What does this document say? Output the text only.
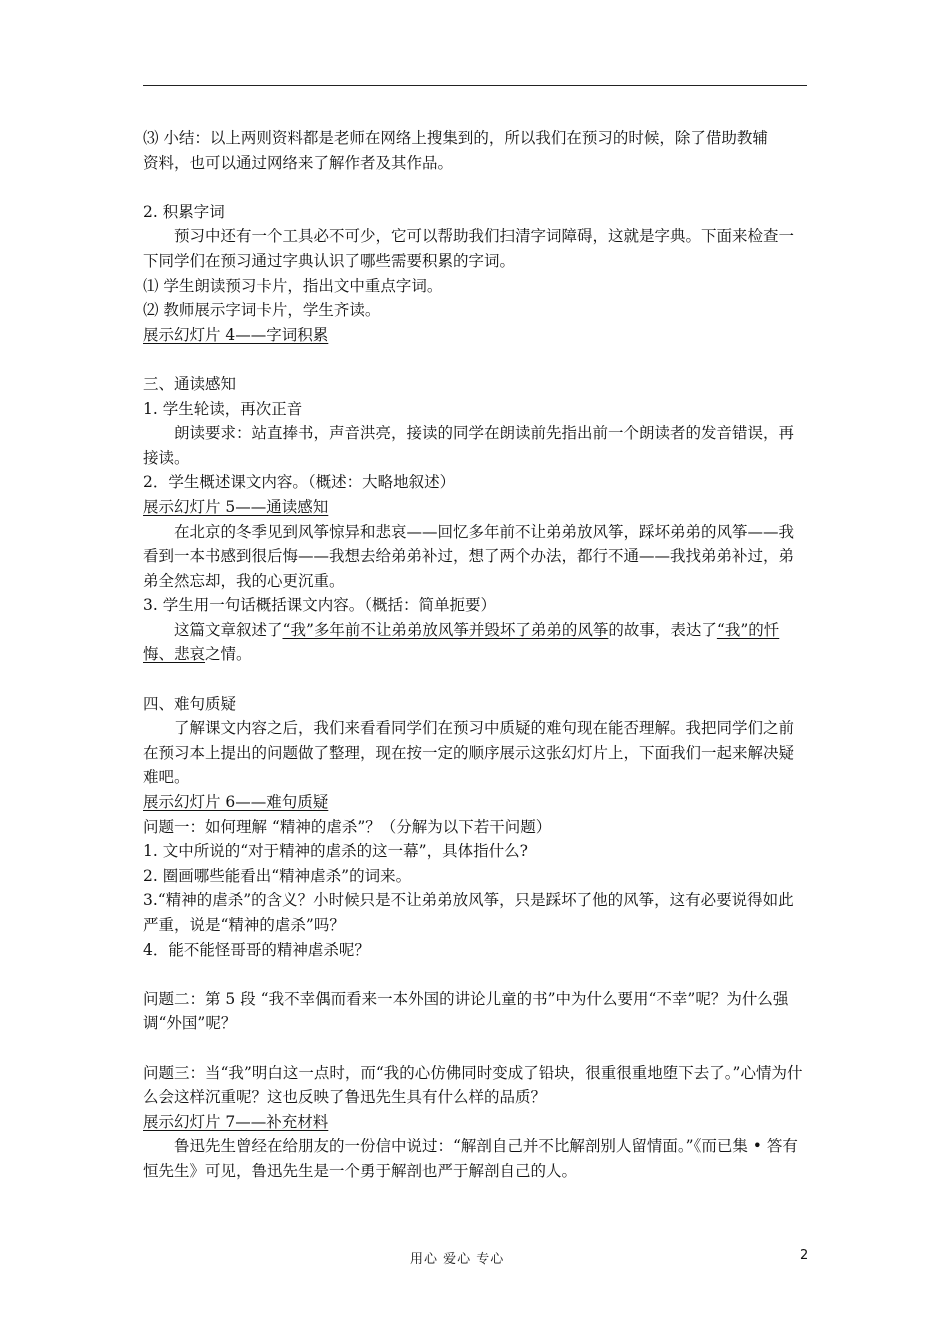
⑶ 小结：以上两则资料都是老师在网络上搜集到的，所以我们在预习的时候，除了借助教辅

资料，也可以通过网络来了解作者及其作品。

2. 积累字词

预习中还有一个工具必不可少，它可以帮助我们扫清字词障碍，这就是字典。下面来检查一下同学们在预习通过字典认识了哪些需要积累的字词。

⑴ 学生朗读预习卡片，指出文中重点字词。

⑵ 教师展示字词卡片，学生齐读。

展示幻灯片 4——字词积累

三、通读感知

1. 学生轮读，再次正音

朗读要求：站直捧书，声音洪亮，接读的同学在朗读前先指出前一个朗读者的发音错误，再接读。

2．学生概述课文内容。（概述：大略地叙述）

展示幻灯片 5——通读感知

在北京的冬季见到风筝惊异和悲哀——回忆多年前不让弟弟放风筝，踩坏弟弟的风筝——我看到一本书感到很后悔——我想去给弟弟补过，想了两个办法，都行不通——我找弟弟补过，弟弟全然忘却，我的心更沉重。

3. 学生用一句话概括课文内容。（概括：简单扼要）

这篇文章叙述了“我”多年前不让弟弟放风筝并毁坏了弟弟的风筝的故事，表达了“我”的忏悔、悲哀之情。

四、难句质疑

了解课文内容之后，我们来看看同学们在预习中质疑的难句现在能否理解。我把同学们之前在预习本上提出的问题做了整理，现在按一定的顺序展示这张幻灯片上，下面我们一起来解决疑难吧。

展示幻灯片 6——难句质疑

问题一：如何理解 “精神的虐杀”？（分解为以下若干问题）

1. 文中所说的“对于精神的虐杀的这一幕”，具体指什么?

2. 圈画哪些能看出“精神虐杀”的词来。

3.“精神的虐杀”的含义？小时候只是不让弟弟放风筝，只是踩坏了他的风筝，这有必要说得如此严重，说是“精神的虐杀”吗？

4．能不能怪哥哥的精神虐杀呢？

问题二：第 5 段 “我不幸偶而看来一本外国的讲论儿童的书”中为什么要用“不幸”呢？为什么强调“外国”呢？

问题三：当“我”明白这一点时，而“我的心仿佛同时变成了铅块，很重很重地堕下去了。”心情为什么会这样沉重呢？这也反映了鲁迅先生具有什么样的品质？

展示幻灯片 7——补充材料

鲁迅先生曾经在给朋友的一份信中说过：“解剖自己并不比解剖别人留情面。”《而已集 • 答有恒先生》可见，鲁迅先生是一个勇于解剖也严于解剖自己的人。

用心 爱心 专心	2
